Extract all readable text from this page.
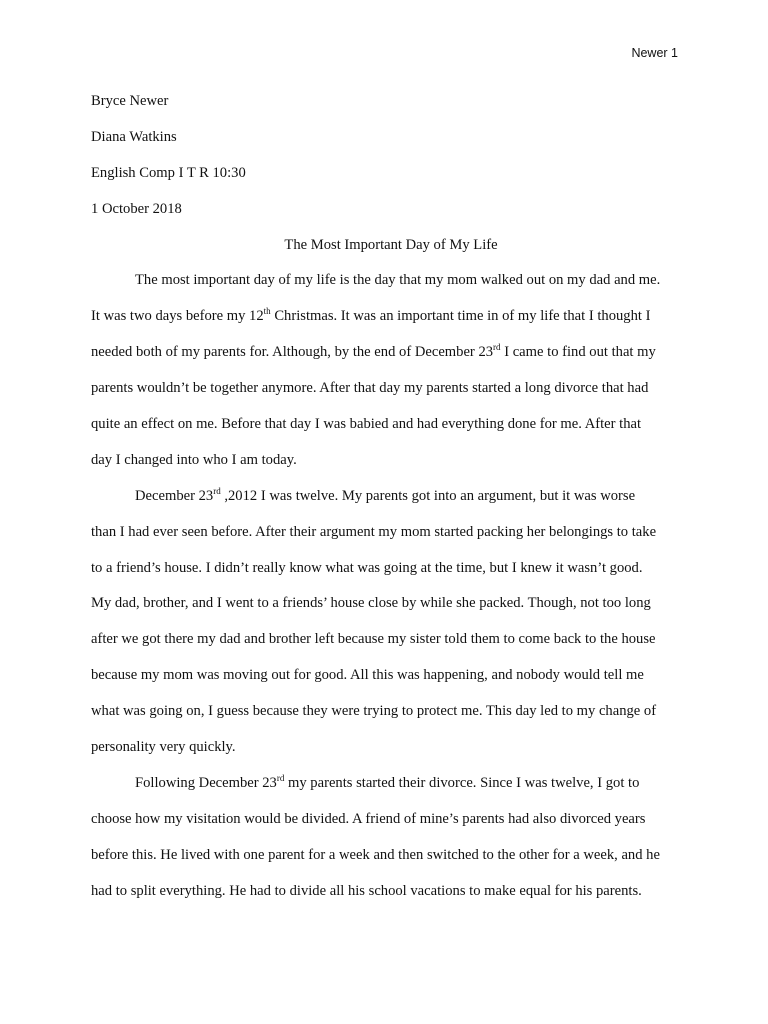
Newer 1
Bryce Newer
Diana Watkins
English Comp I T R 10:30
1 October 2018
The Most Important Day of My Life
The most important day of my life is the day that my mom walked out on my dad and me.
It was two days before my 12th Christmas. It was an important time in of my life that I thought I
needed both of my parents for. Although, by the end of December 23rd I came to find out that my
parents wouldn’t be together anymore. After that day my parents started a long divorce that had
quite an effect on me. Before that day I was babied and had everything done for me. After that
day I changed into who I am today.
December 23rd ,2012 I was twelve. My parents got into an argument, but it was worse
than I had ever seen before. After their argument my mom started packing her belongings to take
to a friend’s house. I didn’t really know what was going at the time, but I knew it wasn’t good.
My dad, brother, and I went to a friends’ house close by while she packed. Though, not too long
after we got there my dad and brother left because my sister told them to come back to the house
because my mom was moving out for good. All this was happening, and nobody would tell me
what was going on, I guess because they were trying to protect me. This day led to my change of
personality very quickly.
Following December 23rd my parents started their divorce. Since I was twelve, I got to
choose how my visitation would be divided. A friend of mine’s parents had also divorced years
before this. He lived with one parent for a week and then switched to the other for a week, and he
had to split everything. He had to divide all his school vacations to make equal for his parents.
